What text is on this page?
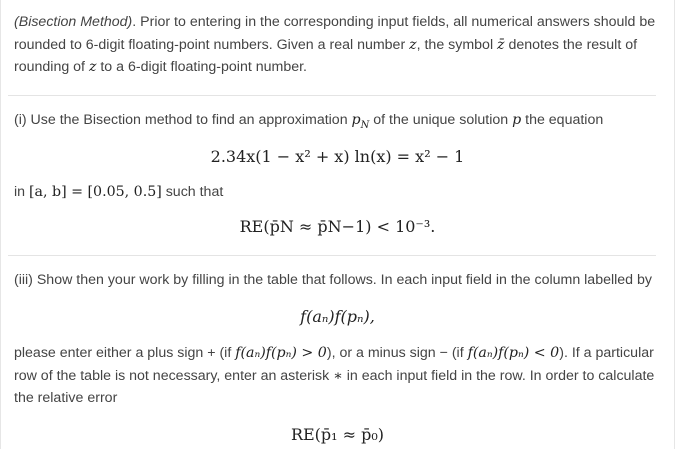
(Bisection Method). Prior to entering in the corresponding input fields, all numerical answers should be rounded to 6-digit floating-point numbers. Given a real number z, the symbol z̄ denotes the result of rounding of z to a 6-digit floating-point number.
(i) Use the Bisection method to find an approximation $p_N$ of the unique solution p the equation
2.34x(1 − x² + x) ln(x) = x² − 1
in [a, b] = [0.05, 0.5] such that
RE(p̄N ≈ p̄N−1) < 10⁻³.
(iii) Show then your work by filling in the table that follows. In each input field in the column labelled by
f(aₙ)f(pₙ),
please enter either a plus sign + (if f(aₙ)f(pₙ) > 0), or a minus sign − (if f(aₙ)f(pₙ) < 0). If a particular row of the table is not necessary, enter an asterisk ∗ in each input field in the row. In order to calculate the relative error
RE(p̄₁ ≈ p̄₀)
